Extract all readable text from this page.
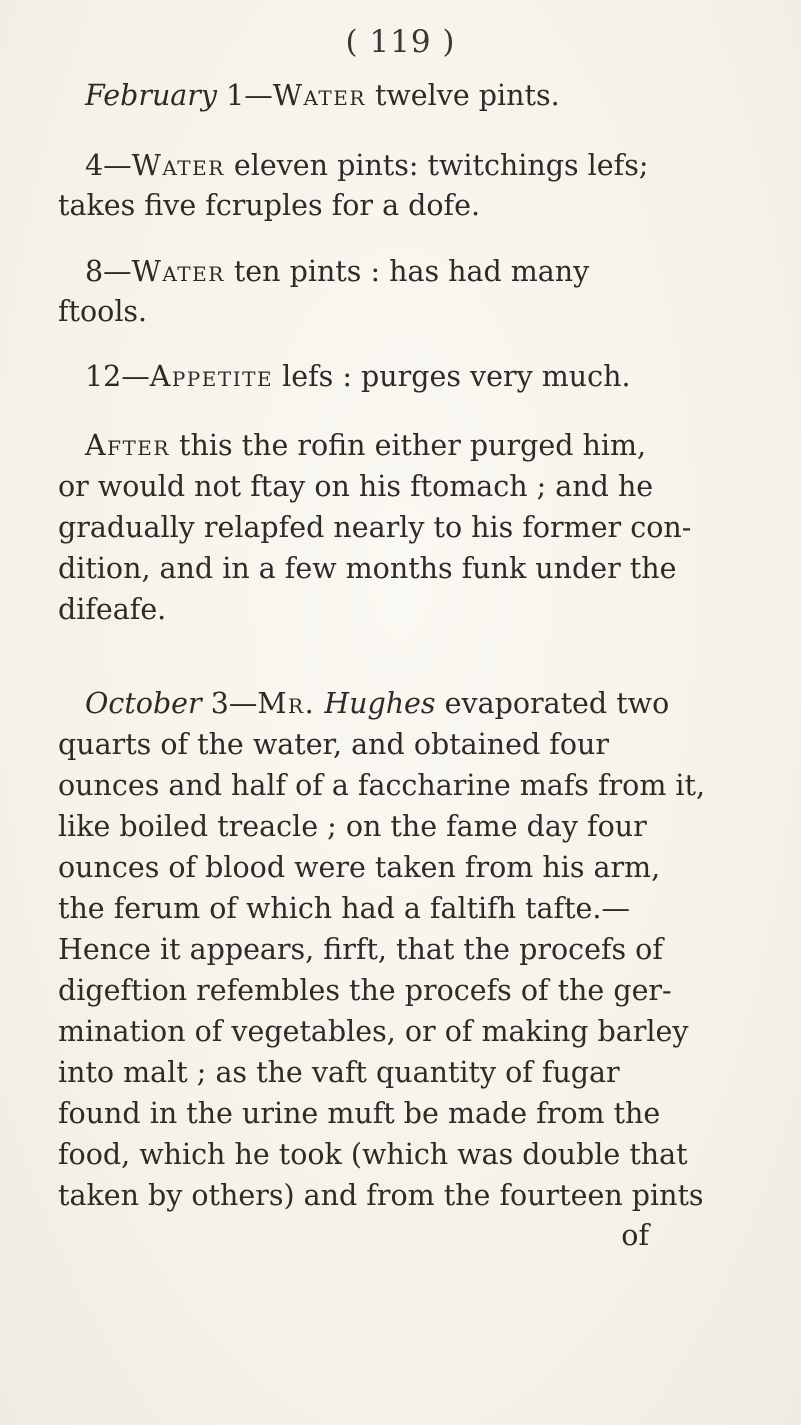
( 119 )
February 1—Water twelve pints.
4—Water eleven pints: twitchings lefs;
takes five fcruples for a dofe.
8—Water ten pints : has had many
ftools.
12—Appetite lefs : purges very much.
After this the rofin either purged him,
or would not ftay on his ftomach ; and he
gradually relapfed nearly to his former con-
dition, and in a few months funk under the
difeafe.
October 3—Mr. Hughes evaporated two
quarts of the water, and obtained four
ounces and half of a faccharine mafs from it,
like boiled treacle ; on the fame day four
ounces of blood were taken from his arm,
the ferum of which had a faltifh tafte.—
Hence it appears, firft, that the procefs of
digeftion refembles the procefs of the ger-
mination of vegetables, or of making barley
into malt ; as the vaft quantity of fugar
found in the urine muft be made from the
food, which he took (which was double that
taken by others) and from the fourteen pints
of
